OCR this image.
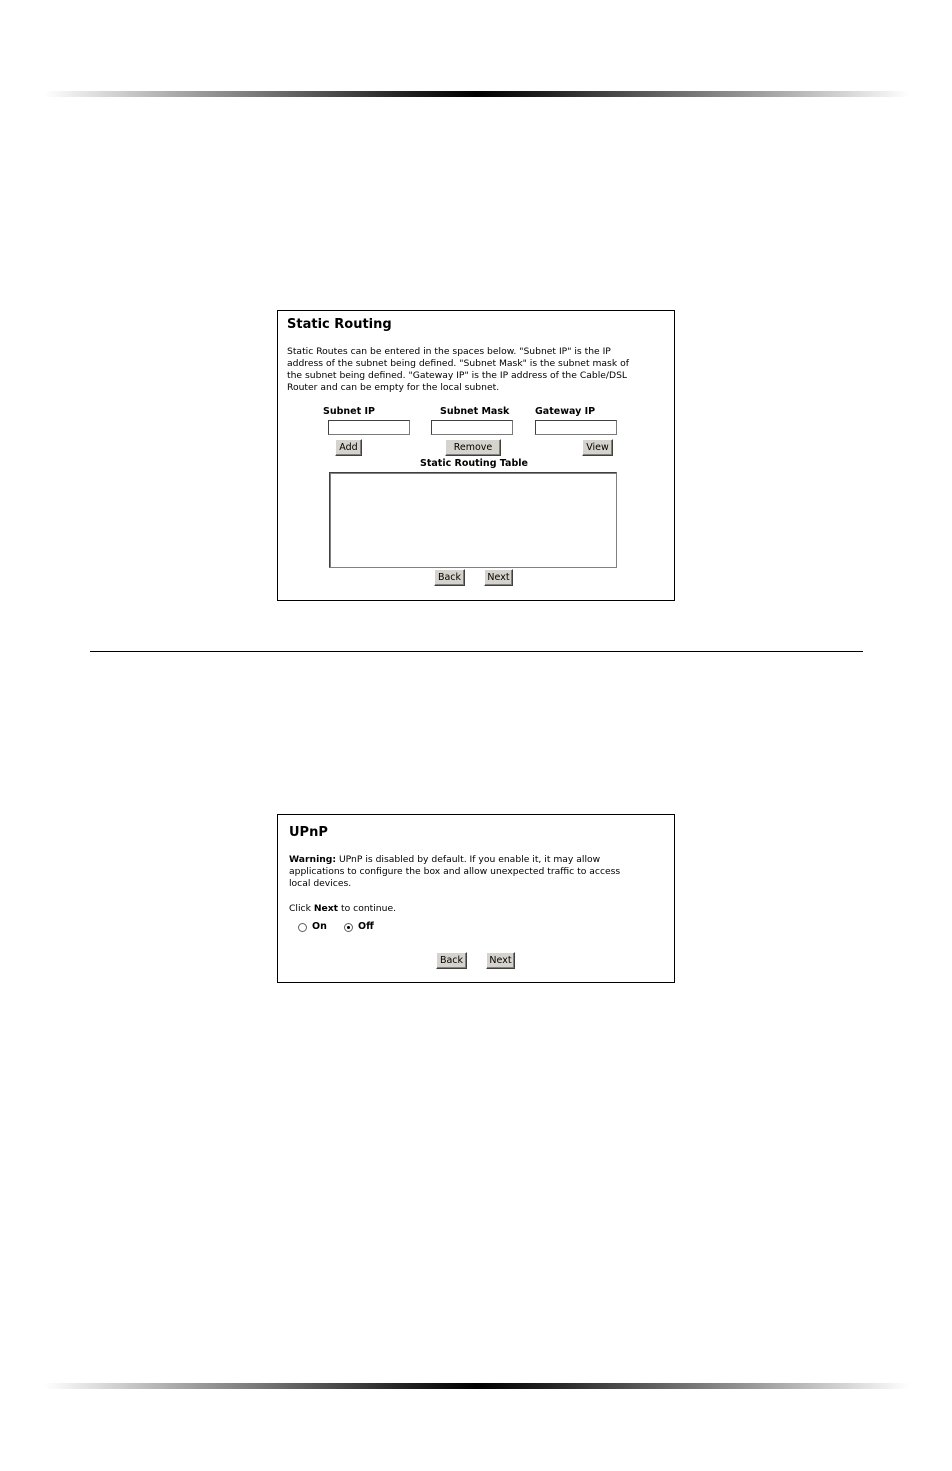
Static Routing
Static Routes can be entered in the spaces below. "Subnet IP" is the IP
address of the subnet being defined. "Subnet Mask" is the subnet mask of
the subnet being defined. "Gateway IP" is the IP address of the Cable/DSL
Router and can be empty for the local subnet.
Subnet IP	Subnet Mask	Gateway IP
Add	Remove	View
Static Routing Table
Back	Next
UPnP
Warning: UPnP is disabled by default. If you enable it, it may allow
applications to configure the box and allow unexpected traffic to access
local devices.
Click Next to continue.
On	Off
Back	Next
